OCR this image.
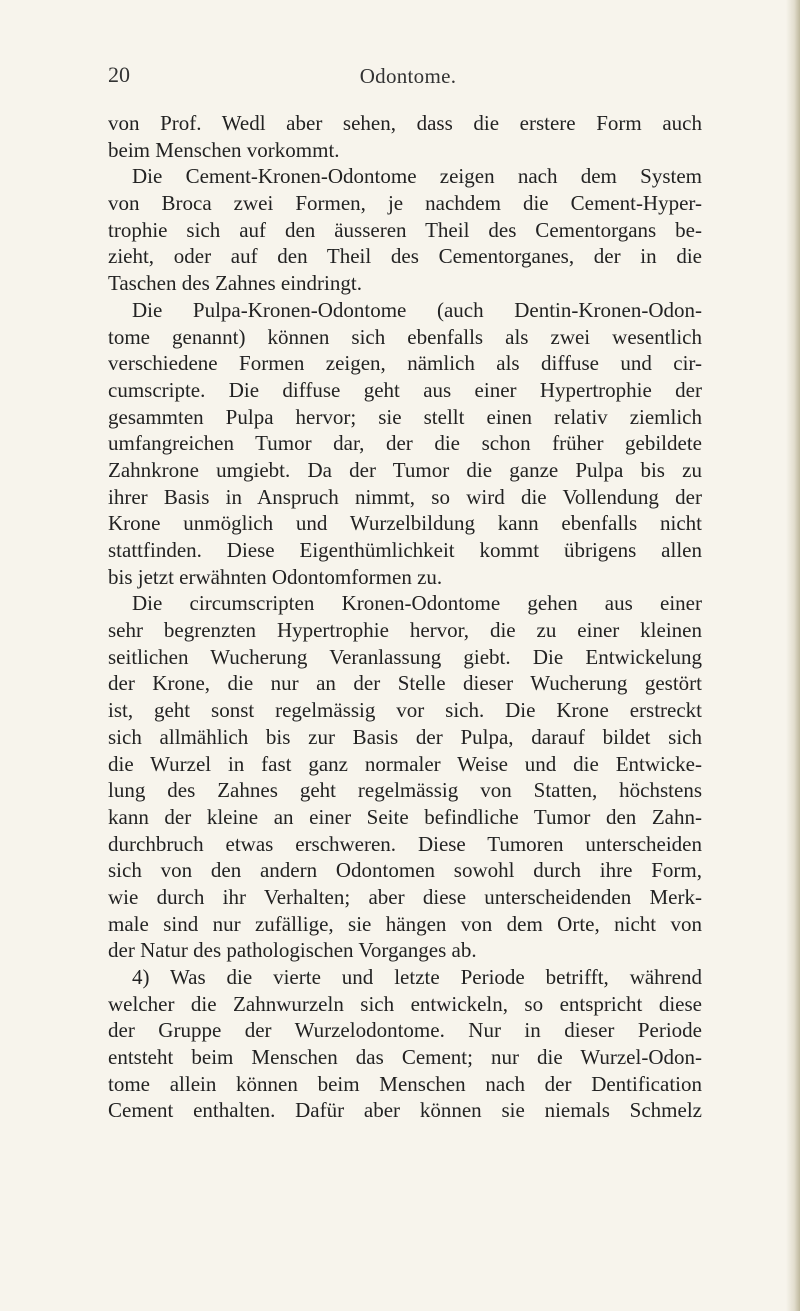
20	Odontome.
von Prof. Wedl aber sehen, dass die erstere Form auch
beim Menschen vorkommt.
Die Cement-Kronen-Odontome zeigen nach dem System
von Broca zwei Formen, je nachdem die Cement-Hyper-
trophie sich auf den äusseren Theil des Cementorgans be-
zieht, oder auf den Theil des Cementorganes, der in die
Taschen des Zahnes eindringt.
Die Pulpa-Kronen-Odontome (auch Dentin-Kronen-Odon-
tome genannt) können sich ebenfalls als zwei wesentlich
verschiedene Formen zeigen, nämlich als diffuse und cir-
cumscripte. Die diffuse geht aus einer Hypertrophie der
gesammten Pulpa hervor; sie stellt einen relativ ziemlich
umfangreichen Tumor dar, der die schon früher gebildete
Zahnkrone umgiebt. Da der Tumor die ganze Pulpa bis zu
ihrer Basis in Anspruch nimmt, so wird die Vollendung der
Krone unmöglich und Wurzelbildung kann ebenfalls nicht
stattfinden. Diese Eigenthümlichkeit kommt übrigens allen
bis jetzt erwähnten Odontomformen zu.
Die circumscripten Kronen-Odontome gehen aus einer
sehr begrenzten Hypertrophie hervor, die zu einer kleinen
seitlichen Wucherung Veranlassung giebt. Die Entwickelung
der Krone, die nur an der Stelle dieser Wucherung gestört
ist, geht sonst regelmässig vor sich. Die Krone erstreckt
sich allmählich bis zur Basis der Pulpa, darauf bildet sich
die Wurzel in fast ganz normaler Weise und die Entwicke-
lung des Zahnes geht regelmässig von Statten, höchstens
kann der kleine an einer Seite befindliche Tumor den Zahn-
durchbruch etwas erschweren. Diese Tumoren unterscheiden
sich von den andern Odontomen sowohl durch ihre Form,
wie durch ihr Verhalten; aber diese unterscheidenden Merk-
male sind nur zufällige, sie hängen von dem Orte, nicht von
der Natur des pathologischen Vorganges ab.
4) Was die vierte und letzte Periode betrifft, während
welcher die Zahnwurzeln sich entwickeln, so entspricht diese
der Gruppe der Wurzelodontome. Nur in dieser Periode
entsteht beim Menschen das Cement; nur die Wurzel-Odon-
tome allein können beim Menschen nach der Dentification
Cement enthalten. Dafür aber können sie niemals Schmelz
